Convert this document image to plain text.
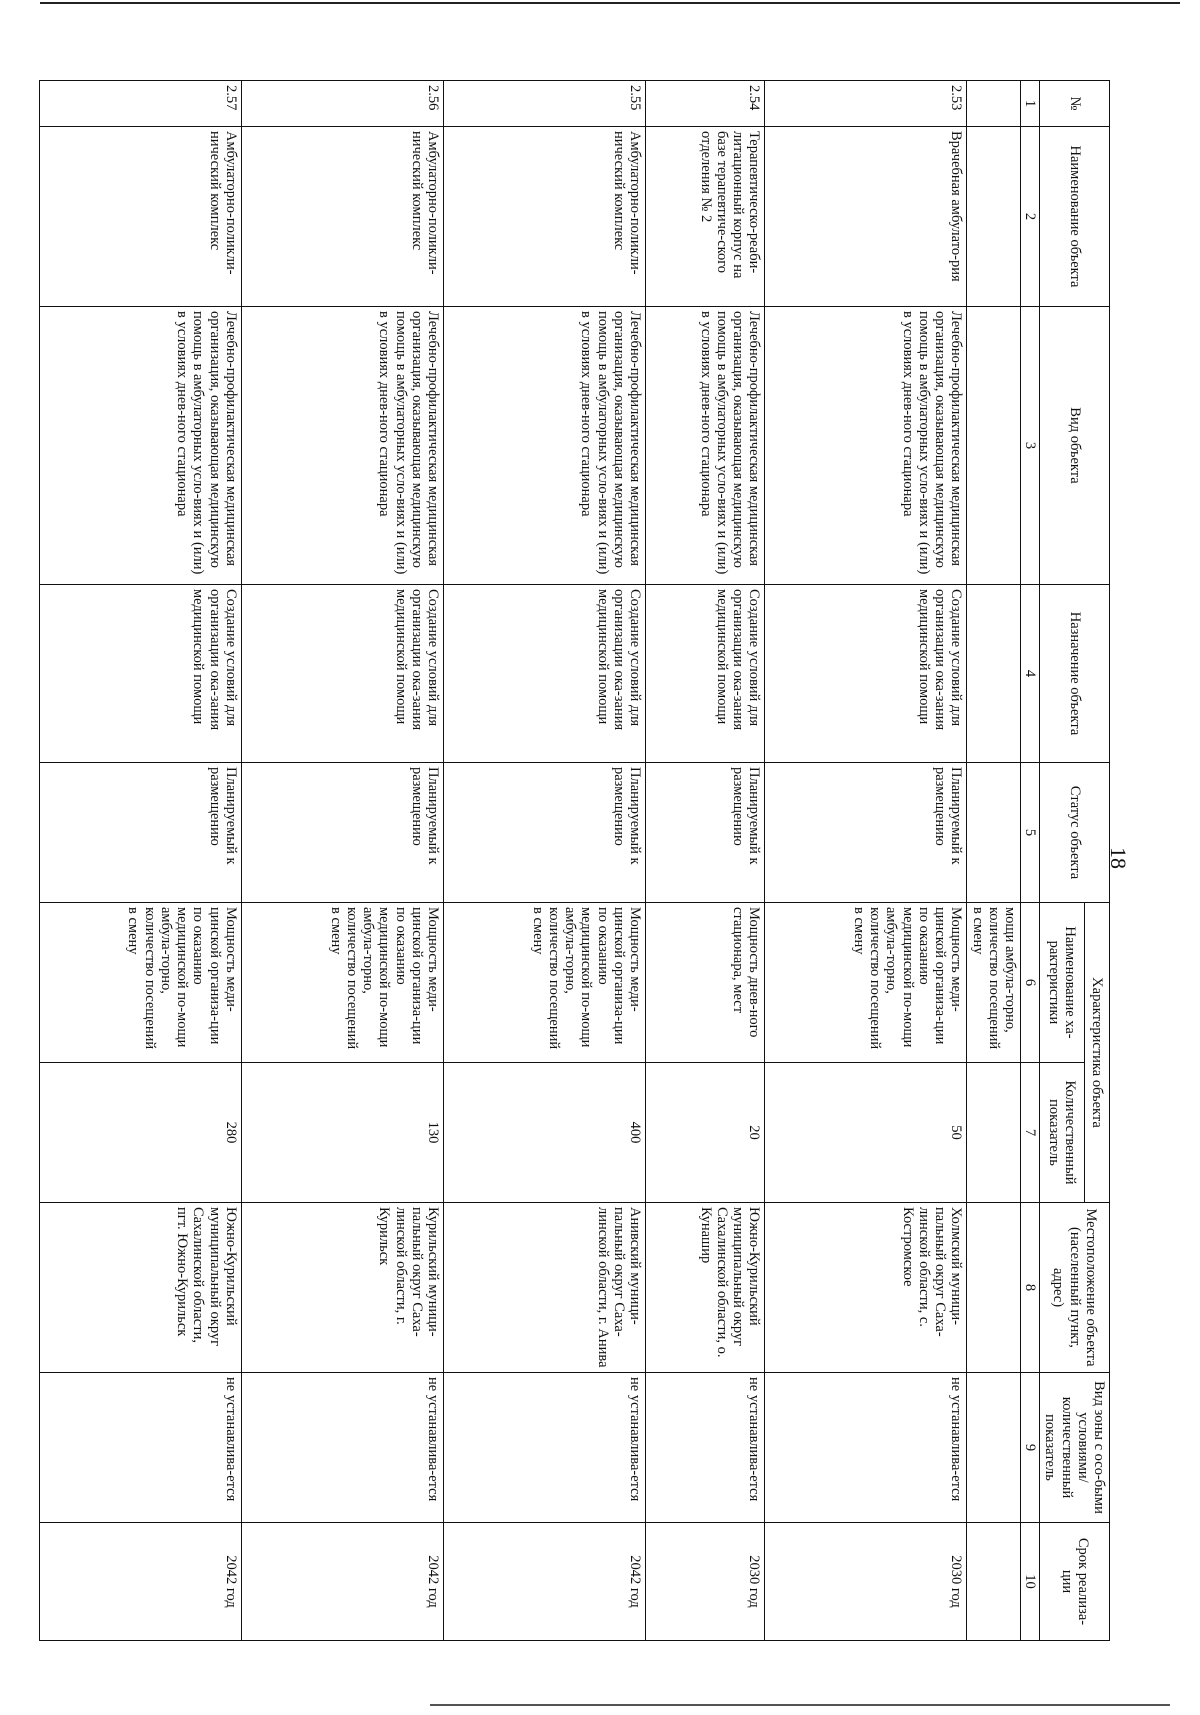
18
№	Наименование объекта	Вид объекта	Назначение объекта	Статус объекта	Характеристика объекта		Местоположение объекта (населенный пункт, адрес)	Вид зоны с осо-быми условиями/ количественный показатель	Срок реализа-ции
					Наименование ха-рактеристики	Количественный показатель			
1	2	3	4	5	6	7	8	9	10
					мощи амбула-торно, количество посещений в смену				
2.53	Врачебная амбулато-рия	Лечебно-профилактическая медицинская организация, оказывающая медицинскую помощь в амбулаторных усло-виях и (или) в условиях днев-ного стационара	Создание условий для организации ока-зания медицинской помощи	Планируемый к размещению	Мощность меди-цинской организа-ции по оказанию медицинской по-мощи амбула-торно, количество посещений в смену	50	Холмский муници-пальный округ Саха-линской области, с. Костромское	не устанавлива-ется	2030 год
2.54	Терапевтическо-реаби-литационный корпус на базе терапевтиче-ского отделения № 2	Лечебно-профилактическая медицинская организация, оказывающая медицинскую помощь в амбулаторных усло-виях и (или) в условиях днев-ного стационара	Создание условий для организации ока-зания медицинской помощи	Планируемый к размещению	Мощность днев-ного стационара, мест	20	Южно-Курильский муниципальный округ Сахалинской области, о. Кунашир	не устанавлива-ется	2030 год
2.55	Амбулаторно-поликли-нический комплекс	Лечебно-профилактическая медицинская организация, оказывающая медицинскую помощь в амбулаторных усло-виях и (или) в условиях днев-ного стационара	Создание условий для организации ока-зания медицинской помощи	Планируемый к размещению	Мощность меди-цинской организа-ции по оказанию медицинской по-мощи амбула-торно, количество посещений в смену	400	Анивский муници-пальный округ Саха-линской области, г. Анива	не устанавлива-ется	2042 год
2.56	Амбулаторно-поликли-нический комплекс	Лечебно-профилактическая медицинская организация, оказывающая медицинскую помощь в амбулаторных усло-виях и (или) в условиях днев-ного стационара	Создание условий для организации ока-зания медицинской помощи	Планируемый к размещению	Мощность меди-цинской организа-ции по оказанию медицинской по-мощи амбула-торно, количество посещений в смену	130	Курильский муници-пальный округ Саха-линской области, г. Курильск	не устанавлива-ется	2042 год
2.57	Амбулаторно-поликли-нический комплекс	Лечебно-профилактическая медицинская организация, оказывающая медицинскую помощь в амбулаторных усло-виях и (или) в условиях днев-ного стационара	Создание условий для организации ока-зания медицинской помощи	Планируемый к размещению	Мощность меди-цинской организа-ции по оказанию медицинской по-мощи амбула-торно, количество посещений в смену	280	Южно-Курильский муниципальный округ Сахалинской области, пгт. Южно-Курильск	не устанавлива-ется	2042 год
